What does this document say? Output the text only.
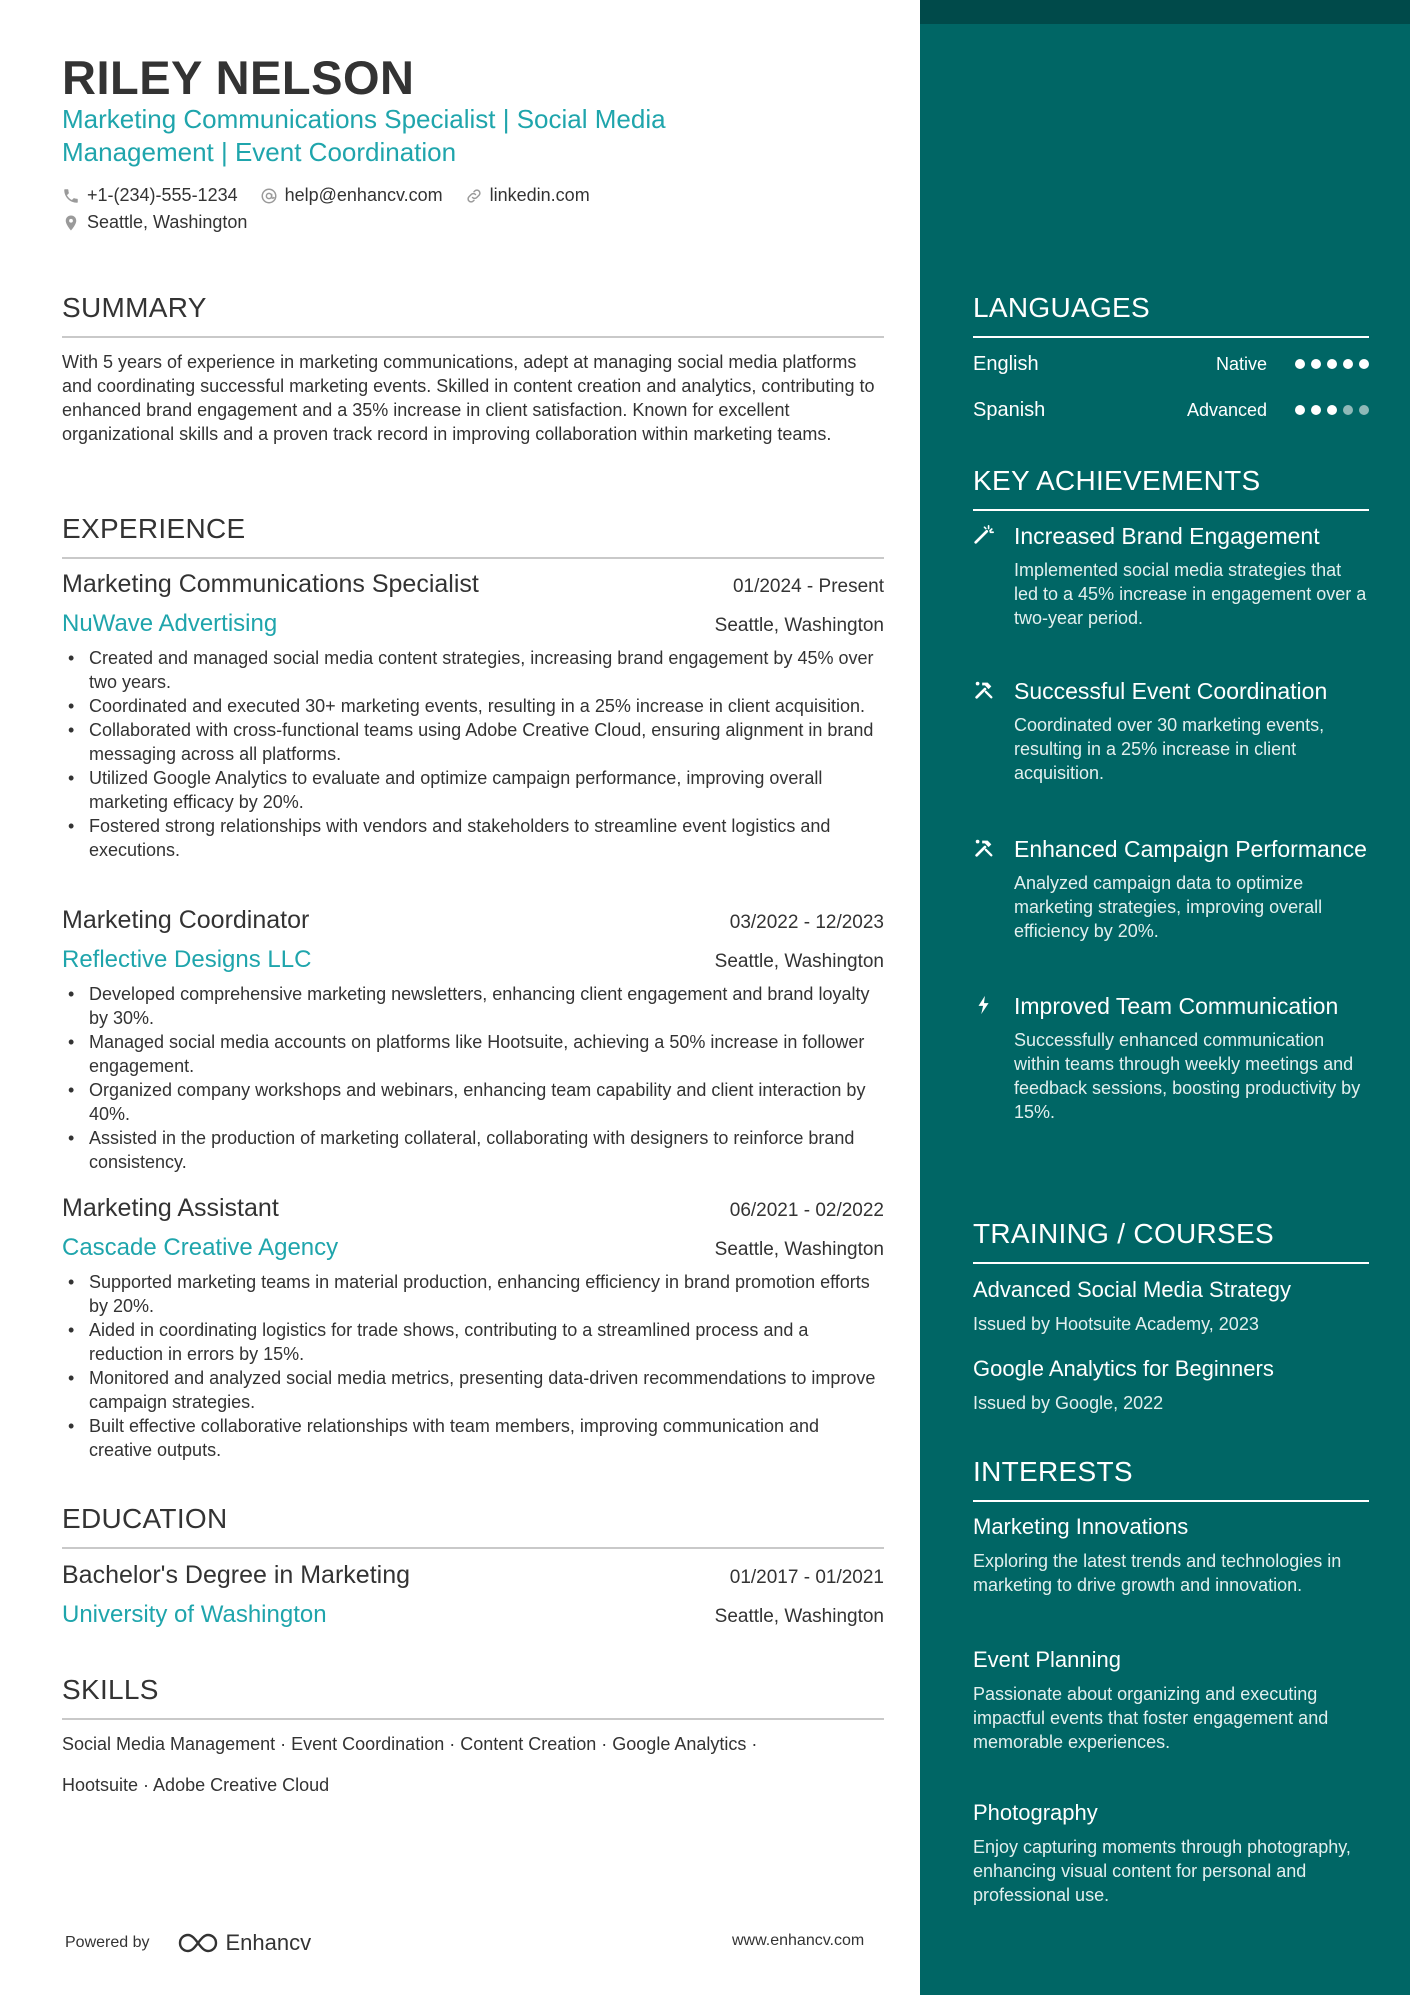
RILEY NELSON
Marketing Communications Specialist | Social Media Management | Event Coordination
+1-(234)-555-1234	help@enhancv.com	linkedin.com
Seattle, Washington
SUMMARY
With 5 years of experience in marketing communications, adept at managing social media platforms and coordinating successful marketing events. Skilled in content creation and analytics, contributing to enhanced brand engagement and a 35% increase in client satisfaction. Known for excellent organizational skills and a proven track record in improving collaboration within marketing teams.
EXPERIENCE
Marketing Communications Specialist	01/2024 - Present
NuWave Advertising	Seattle, Washington
• Created and managed social media content strategies, increasing brand engagement by 45% over two years.
• Coordinated and executed 30+ marketing events, resulting in a 25% increase in client acquisition.
• Collaborated with cross-functional teams using Adobe Creative Cloud, ensuring alignment in brand messaging across all platforms.
• Utilized Google Analytics to evaluate and optimize campaign performance, improving overall marketing efficacy by 20%.
• Fostered strong relationships with vendors and stakeholders to streamline event logistics and executions.
Marketing Coordinator	03/2022 - 12/2023
Reflective Designs LLC	Seattle, Washington
• Developed comprehensive marketing newsletters, enhancing client engagement and brand loyalty by 30%.
• Managed social media accounts on platforms like Hootsuite, achieving a 50% increase in follower engagement.
• Organized company workshops and webinars, enhancing team capability and client interaction by 40%.
• Assisted in the production of marketing collateral, collaborating with designers to reinforce brand consistency.
Marketing Assistant	06/2021 - 02/2022
Cascade Creative Agency	Seattle, Washington
• Supported marketing teams in material production, enhancing efficiency in brand promotion efforts by 20%.
• Aided in coordinating logistics for trade shows, contributing to a streamlined process and a reduction in errors by 15%.
• Monitored and analyzed social media metrics, presenting data-driven recommendations to improve campaign strategies.
• Built effective collaborative relationships with team members, improving communication and creative outputs.
EDUCATION
Bachelor's Degree in Marketing	01/2017 - 01/2021
University of Washington	Seattle, Washington
SKILLS
Social Media Management · Event Coordination · Content Creation · Google Analytics ·
Hootsuite · Adobe Creative Cloud
Powered by	Enhancv	www.enhancv.com
LANGUAGES
English	Native
Spanish	Advanced
KEY ACHIEVEMENTS
Increased Brand Engagement
Implemented social media strategies that led to a 45% increase in engagement over a two-year period.
Successful Event Coordination
Coordinated over 30 marketing events, resulting in a 25% increase in client acquisition.
Enhanced Campaign Performance
Analyzed campaign data to optimize marketing strategies, improving overall efficiency by 20%.
Improved Team Communication
Successfully enhanced communication within teams through weekly meetings and feedback sessions, boosting productivity by 15%.
TRAINING / COURSES
Advanced Social Media Strategy
Issued by Hootsuite Academy, 2023
Google Analytics for Beginners
Issued by Google, 2022
INTERESTS
Marketing Innovations
Exploring the latest trends and technologies in marketing to drive growth and innovation.
Event Planning
Passionate about organizing and executing impactful events that foster engagement and memorable experiences.
Photography
Enjoy capturing moments through photography, enhancing visual content for personal and professional use.
